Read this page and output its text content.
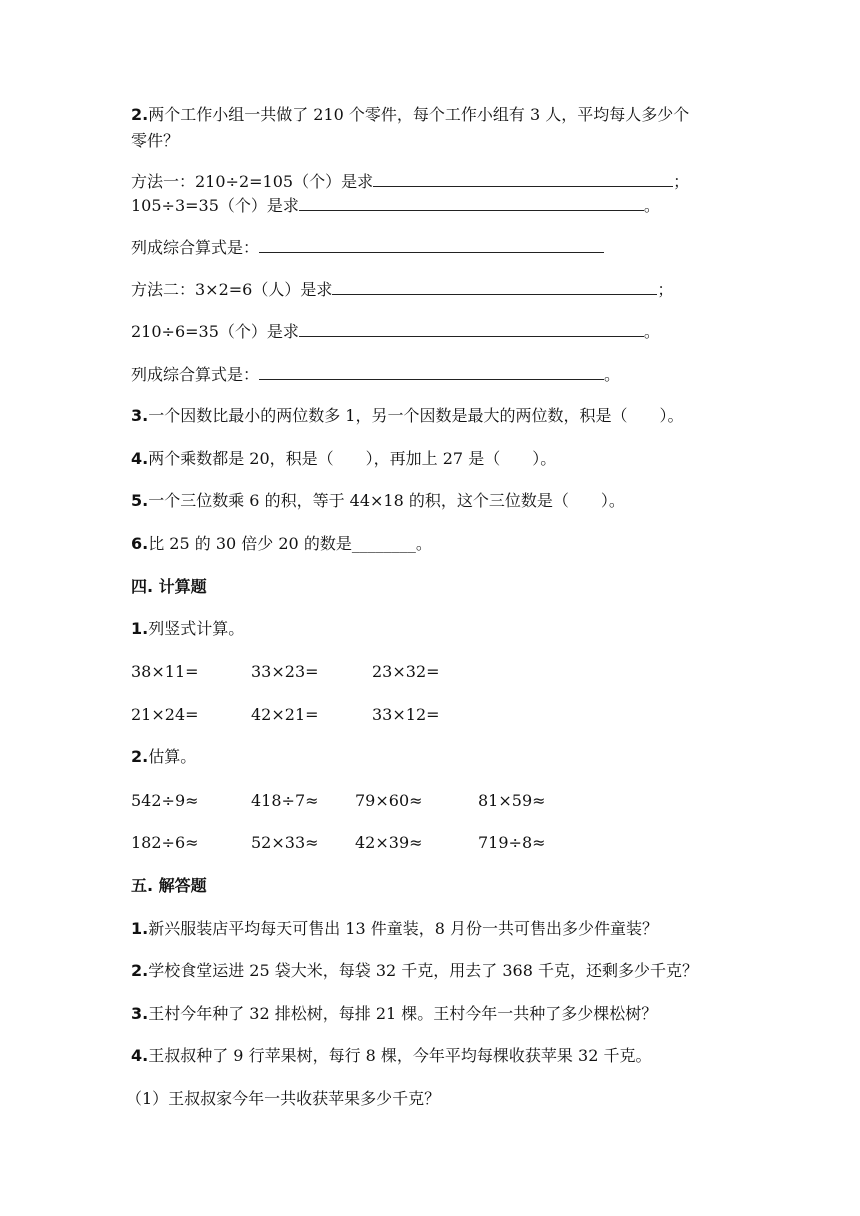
2.两个工作小组一共做了 210 个零件，每个工作小组有 3 人，平均每人多少个
零件？
方法一：210÷2=105（个）是求	；
105÷3=35（个）是求	。
列成综合算式是：
方法二：3×2=6（人）是求	；
210÷6=35（个）是求	。
列成综合算式是：	。
3.一个因数比最小的两位数多 1，另一个因数是最大的两位数，积是（　　）。
4.两个乘数都是 20，积是（　　），再加上 27 是（　　）。
5.一个三位数乘 6 的积，等于 44×18 的积，这个三位数是（　　）。
6.比 25 的 30 倍少 20 的数是________。
四. 计算题
1.列竖式计算。
38×11=	33×23=	23×32=
21×24=	42×21=	33×12=
2.估算。
542÷9≈	418÷7≈ 79×60≈	81×59≈
182÷6≈	52×33≈ 42×39≈	719÷8≈
五. 解答题
1.新兴服装店平均每天可售出 13 件童装，8 月份一共可售出多少件童装？
2.学校食堂运进 25 袋大米，每袋 32 千克，用去了 368 千克，还剩多少千克？
3.王村今年种了 32 排松树，每排 21 棵。王村今年一共种了多少棵松树？
4.王叔叔种了 9 行苹果树，每行 8 棵，今年平均每棵收获苹果 32 千克。
（1）王叔叔家今年一共收获苹果多少千克？
